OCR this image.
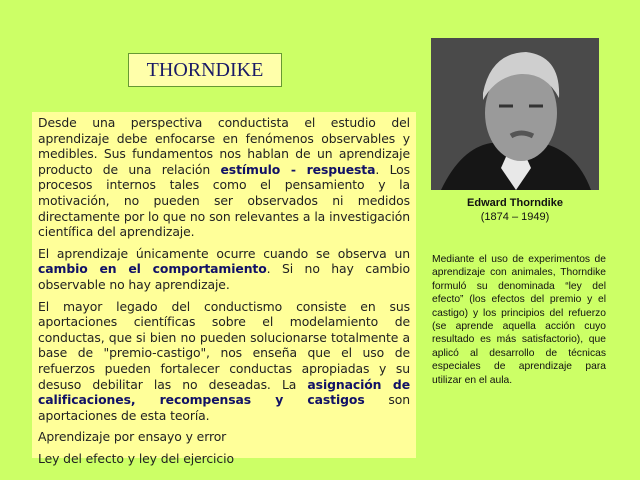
THORNDIKE

Desde una perspectiva conductista el estudio del aprendizaje debe enfocarse en fenómenos observables y medibles. Sus fundamentos nos hablan de un aprendizaje producto de una relación estímulo - respuesta. Los procesos internos tales como el pensamiento y la motivación, no pueden ser observados ni medidos directamente por lo que no son relevantes a la investigación científica del aprendizaje.

El aprendizaje únicamente ocurre cuando se observa un cambio en el comportamiento. Si no hay cambio observable no hay aprendizaje.

El mayor legado del conductismo consiste en sus aportaciones científicas sobre el modelamiento de conductas, que si bien no pueden solucionarse totalmente a base de "premio-castigo", nos enseña que el uso de refuerzos pueden fortalecer conductas apropiadas y su desuso debilitar las no deseadas. La asignación de calificaciones, recompensas y castigos son aportaciones de esta teoría.

Aprendizaje por ensayo y error

Ley del efecto y ley del ejercicio

Edward Thorndike
(1874 – 1949)
Mediante el uso de experimentos de aprendizaje con animales, Thorndike formuló su denominada “ley del efecto” (los efectos del premio y el castigo) y los principios del refuerzo (se aprende aquella acción cuyo resultado es más satisfactorio), que aplicó al desarrollo de técnicas especiales de aprendizaje para utilizar en el aula.
